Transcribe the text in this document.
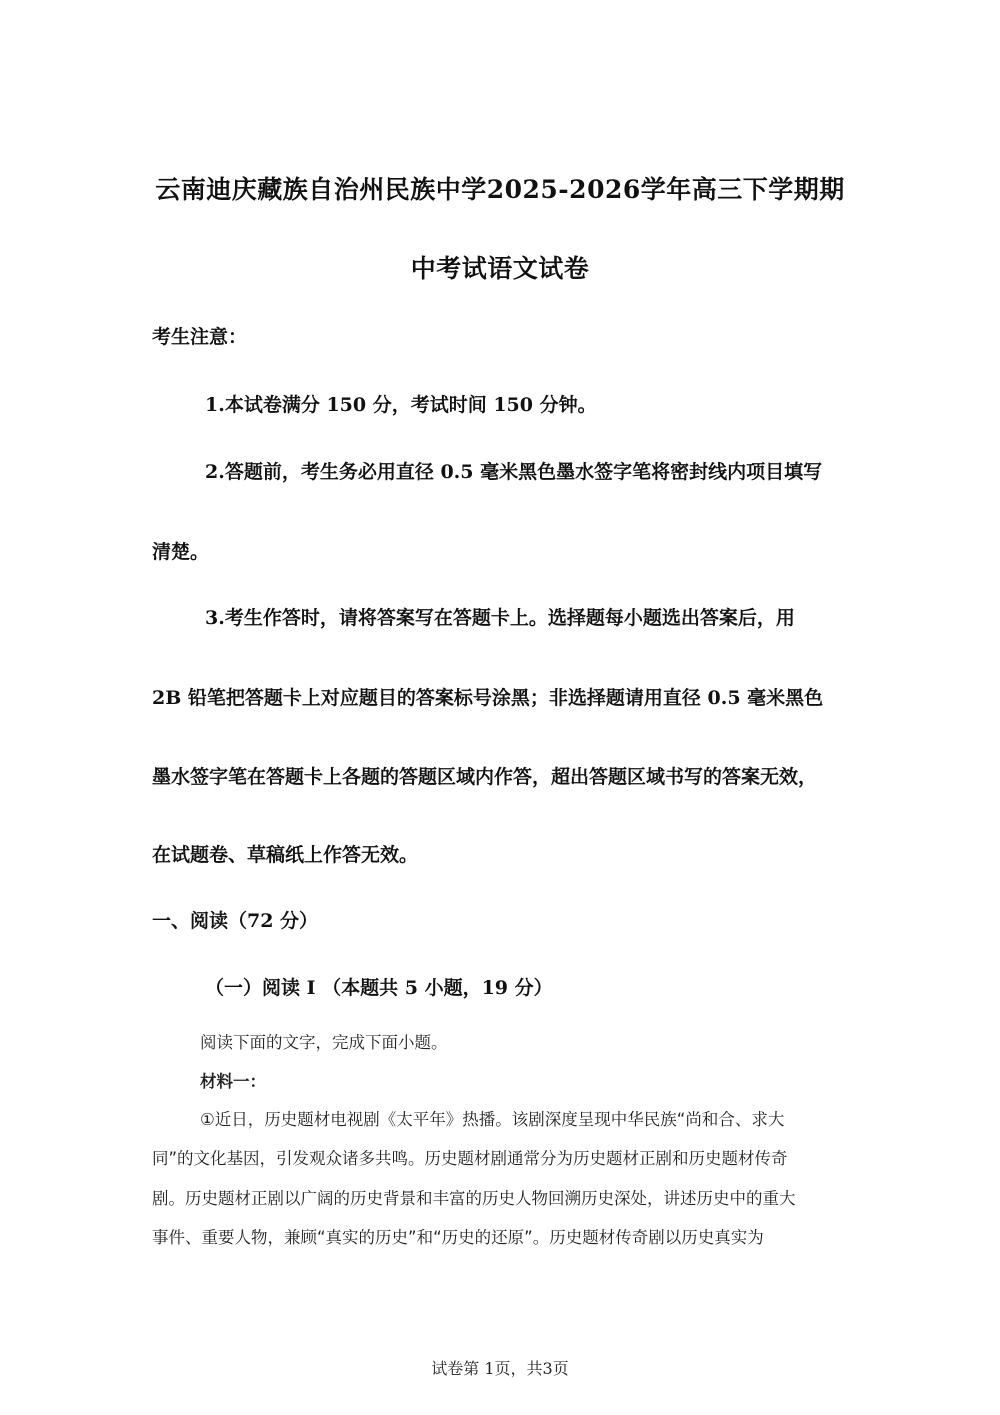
云南迪庆藏族自治州民族中学2025-2026学年高三下学期期
中考试语文试卷
考生注意：
1.本试卷满分 150 分，考试时间 150 分钟。
2.答题前，考生务必用直径 0.5 毫米黑色墨水签字笔将密封线内项目填写
清楚。
3.考生作答时，请将答案写在答题卡上。选择题每小题选出答案后，用
2B 铅笔把答题卡上对应题目的答案标号涂黑；非选择题请用直径 0.5 毫米黑色
墨水签字笔在答题卡上各题的答题区域内作答，超出答题区域书写的答案无效，
在试题卷、草稿纸上作答无效。
一、阅读（72 分）
（一）阅读 I （本题共 5 小题，19 分）
阅读下面的文字，完成下面小题。
材料一：
①近日，历史题材电视剧《太平年》热播。该剧深度呈现中华民族“尚和合、求大
同”的文化基因，引发观众诸多共鸣。历史题材剧通常分为历史题材正剧和历史题材传奇
剧。历史题材正剧以广阔的历史背景和丰富的历史人物回溯历史深处，讲述历史中的重大
事件、重要人物，兼顾“真实的历史”和“历史的还原”。历史题材传奇剧以历史真实为
试卷第 1页，共3页
